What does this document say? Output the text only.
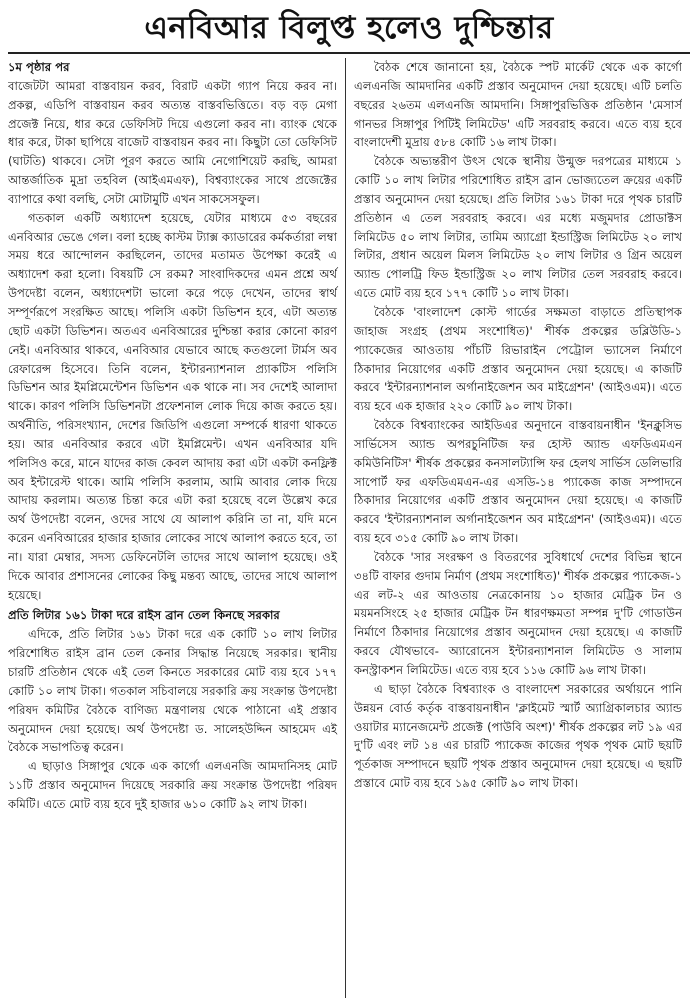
এনবিআর বিলুপ্ত হলেও দুশ্চিন্তার

১ম পৃষ্ঠার পর

বাজেটটা আমরা বাস্তবায়ন করব, বিরাট একটা গ্যাপ নিয়ে করব না। প্রকল্প, এডিপি বাস্তবায়ন করব অত্যন্ত বাস্তবভিত্তিতে। বড় বড় মেগা প্রজেক্ট নিয়ে, ধার করে ডেফিসিট দিয়ে এগুলো করব না। ব্যাংক থেকে ধার করে, টাকা ছাপিয়ে বাজেট বাস্তবায়ন করব না। কিছুটা তো ডেফিসিট (ঘাটতি) থাকবে। সেটা পূরণ করতে আমি নেগোশিয়েট করছি, আমরা আন্তর্জাতিক মুদ্রা তহবিল (আইএমএফ), বিশ্বব্যাংকের সাথে প্রজেক্টের ব্যাপারে কথা বলছি, সেটা মোটামুটি এখন সাকসেসফুল।

গতকাল একটি অধ্যাদেশ হয়েছে, যেটার মাধ্যমে ৫৩ বছরের এনবিআর ভেঙে গেল। বলা হচ্ছে কাস্টম ট্যাক্স ক্যাডারের কর্মকর্তারা লম্বা সময় ধরে আন্দোলন করছিলেন, তাদের মতামত উপেক্ষা করেই এ অধ্যাদেশ করা হলো। বিষয়টি সে রকম? সাংবাদিকদের এমন প্রশ্নে অর্থ উপদেষ্টা বলেন, অধ্যাদেশটা ভালো করে পড়ে দেখেন, তাদের স্বার্থ সম্পূর্ণরূপে সংরক্ষিত আছে। পলিসি একটা ডিভিশন হবে, এটা অত্যন্ত ছোট একটা ডিভিশন। অতএব এনবিআরের দুশ্চিন্তা করার কোনো কারণ নেই। এনবিআর থাকবে, এনবিআর যেভাবে আছে কতগুলো টার্মস অব রেফারেন্স হিসেবে। তিনি বলেন, ইন্টারন্যাশনাল প্র্যাকটিস পলিসি ডিভিশন আর ইমপ্লিমেন্টেশন ডিভিশন এক থাকে না। সব দেশেই আলাদা থাকে। কারণ পলিসি ডিভিশনটা প্রফেশনাল লোক দিয়ে কাজ করতে হয়। অর্থনীতি, পরিসংখ্যান, দেশের জিডিপি এগুলো সম্পর্কে ধারণা থাকতে হয়। আর এনবিআর করবে এটা ইমপ্লিমেন্ট। এখন এনবিআর যদি পলিসিও করে, মানে যাদের কাজ কেবল আদায় করা এটা একটা কনফ্লিক্ট অব ইন্টারেস্ট থাকে। আমি পলিসি করলাম, আমি আবার লোক দিয়ে আদায় করলাম। অত্যন্ত চিন্তা করে এটা করা হয়েছে বলে উল্লেখ করে অর্থ উপদেষ্টা বলেন, ওদের সাথে যে আলাপ করিনি তা না, যদি মনে করেন এনবিআরের হাজার হাজার লোকের সাথে আলাপ করতে হবে, তা না। যারা মেম্বার, সদস্য ডেফিনেটলি তাদের সাথে আলাপ হয়েছে। ওই দিকে আবার প্রশাসনের লোকের কিছু মন্তব্য আছে, তাদের সাথে আলাপ হয়েছে।

প্রতি লিটার ১৬১ টাকা দরে রাইস ব্রান তেল কিনছে সরকার

এদিকে, প্রতি লিটার ১৬১ টাকা দরে এক কোটি ১০ লাখ লিটার পরিশোধিত রাইস ব্রান তেল কেনার সিদ্ধান্ত নিয়েছে সরকার। স্থানীয় চারটি প্রতিষ্ঠান থেকে এই তেল কিনতে সরকারের মোট ব্যয় হবে ১৭৭ কোটি ১০ লাখ টাকা। গতকাল সচিবালয়ে সরকারি ক্রয় সংক্রান্ত উপদেষ্টা পরিষদ কমিটির বৈঠকে বাণিজ্য মন্ত্রণালয় থেকে পাঠানো এই প্রস্তাব অনুমোদন দেয়া হয়েছে। অর্থ উপদেষ্টা ড. সালেহউদ্দিন আহমেদ এই বৈঠকে সভাপতিত্ব করেন।

এ ছাড়াও সিঙ্গাপুর থেকে এক কার্গো এলএনজি আমদানিসহ মোট ১১টি প্রস্তাব অনুমোদন দিয়েছে সরকারি ক্রয় সংক্রান্ত উপদেষ্টা পরিষদ কমিটি। এতে মোট ব্যয় হবে দুই হাজার ৬১০ কোটি ৯২ লাখ টাকা।

বৈঠক শেষে জানানো হয়, বৈঠকে স্পট মার্কেট থেকে এক কার্গো এলএনজি আমদানির একটি প্রস্তাব অনুমোদন দেয়া হয়েছে। এটি চলতি বছরের ২৬তম এলএনজি আমদানি। সিঙ্গাপুরভিত্তিক প্রতিষ্ঠান 'মেসার্স গানভর সিঙ্গাপুর পিটিই লিমিটেড' এটি সরবরাহ করবে। এতে ব্যয় হবে বাংলাদেশী মুদ্রায় ৫৮৪ কোটি ১৬ লাখ টাকা।

বৈঠকে অভ্যন্তরীণ উৎস থেকে স্থানীয় উন্মুক্ত দরপত্রের মাধ্যমে ১ কোটি ১০ লাখ লিটার পরিশোধিত রাইস ব্রান ভোজ্যতেল ক্রয়ের একটি প্রস্তাব অনুমোদন দেয়া হয়েছে। প্রতি লিটার ১৬১ টাকা দরে পৃথক চারটি প্রতিষ্ঠান এ তেল সরবরাহ করবে। এর মধ্যে মজুমদার প্রোডাক্টস লিমিটেড ৫০ লাখ লিটার, তামিম অ্যাগ্রো ইন্ডাস্ট্রিজ লিমিটেড ২০ লাখ লিটার, প্রধান অয়েল মিলস লিমিটেড ২০ লাখ লিটার ও গ্রিন অয়েল অ্যান্ড পোলট্রি ফিড ইন্ডাস্ট্রিজ ২০ লাখ লিটার তেল সরবরাহ করবে। এতে মোট ব্যয় হবে ১৭৭ কোটি ১০ লাখ টাকা।

বৈঠকে 'বাংলাদেশ কোস্ট গার্ডের সক্ষমতা বাড়াতে প্রতিস্থাপক জাহাজ সংগ্রহ (প্রথম সংশোধিত)' শীর্ষক প্রকল্পের ডব্লিউডি-১ প্যাকেজের আওতায় পাঁচটি রিভারাইন পেট্রোল ভ্যাসেল নির্মাণে ঠিকাদার নিয়োগের একটি প্রস্তাব অনুমোদন দেয়া হয়েছে। এ কাজটি করবে 'ইন্টারন্যাশনাল অর্গানাইজেশন অব মাইগ্রেশন' (আইওএম)। এতে ব্যয় হবে এক হাজার ২২০ কোটি ৯০ লাখ টাকা।

বৈঠকে বিশ্বব্যাংকের আইডিএর অনুদানে বাস্তবায়নাধীন 'ইনক্লুসিভ সার্ভিসেস অ্যান্ড অপরচুনিটিজ ফর হোস্ট অ্যান্ড এফডিএমএন কমিউনিটিস' শীর্ষক প্রকল্পের কনসালট্যান্সি ফর হেলথ সার্ভিস ডেলিভারি সাপোর্ট ফর এফডিএমএন-এর এসডি-১৪ প্যাকেজ কাজ সম্পাদনে ঠিকাদার নিয়োগের একটি প্রস্তাব অনুমোদন দেয়া হয়েছে। এ কাজটি করবে 'ইন্টারন্যাশনাল অর্গানাইজেশন অব মাইগ্রেশন' (আইওএম)। এতে ব্যয় হবে ৩১৫ কোটি ৯০ লাখ টাকা।

বৈঠকে 'সার সংরক্ষণ ও বিতরণের সুবিধার্থে দেশের বিভিন্ন স্থানে ৩৪টি বাফার গুদাম নির্মাণ (প্রথম সংশোধিত)' শীর্ষক প্রকল্পের প্যাকেজ-১ এর লট-২ এর আওতায় নেত্রকোনায় ১০ হাজার মেট্রিক টন ও ময়মনসিংহে ২৫ হাজার মেট্রিক টন ধারণক্ষমতা সম্পন্ন দু'টি গোডাউন নির্মাণে ঠিকাদার নিয়োগের প্রস্তাব অনুমোদন দেয়া হয়েছে। এ কাজটি করবে যৌথভাবে- অ্যারোনেস ইন্টারন্যাশনাল লিমিটেড ও সালাম কনস্ট্রাকশন লিমিটেড। এতে ব্যয় হবে ১১৬ কোটি ৯৬ লাখ টাকা।

এ ছাড়া বৈঠকে বিশ্বব্যাংক ও বাংলাদেশ সরকারের অর্থায়নে পানি উন্নয়ন বোর্ড কর্তৃক বাস্তবায়নাধীন 'ক্লাইমেট স্মার্ট অ্যাগ্রিকালচার অ্যান্ড ওয়াটার ম্যানেজমেন্ট প্রজেক্ট (পাউবি অংশ)' শীর্ষক প্রকল্পের লট ১৯ এর দু'টি এবং লট ১৪ এর চারটি প্যাকেজ কাজের পৃথক পৃথক মোট ছয়টি পূর্তকাজ সম্পাদনে ছয়টি পৃথক প্রস্তাব অনুমোদন দেয়া হয়েছে। এ ছয়টি প্রস্তাবে মোট ব্যয় হবে ১৯৫ কোটি ৯০ লাখ টাকা।
